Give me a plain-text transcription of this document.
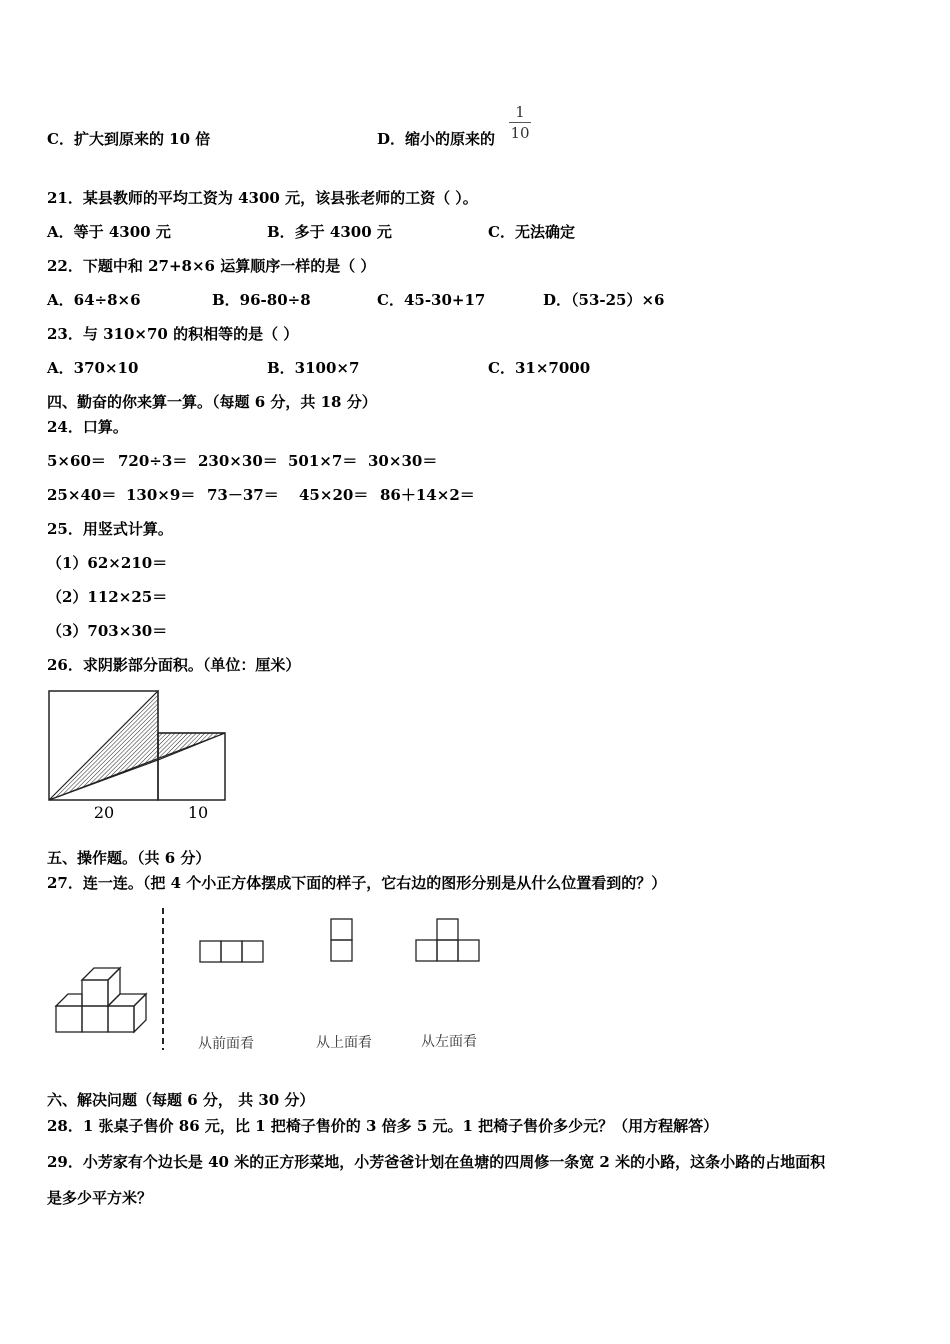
C．扩大到原来的 10 倍	D．缩小的原来的
1
10
21．某县教师的平均工资为 4300 元，该县张老师的工资（ ）。
A．等于 4300 元	B．多于 4300 元	C．无法确定
22．下题中和 27+8×6 运算顺序一样的是（ ）
A．64÷8×6	B．96-80÷8	C．45-30+17	D．（53-25）×6
23．与 310×70 的积相等的是（ ）
A．370×10	B．3100×7	C．31×7000
四、勤奋的你来算一算。（每题 6 分，共 18 分）
24．口算。
5×60＝ 720÷3＝ 230×30＝ 501×7＝ 30×30＝
25×40＝ 130×9＝ 73－37＝ 45×20＝ 86＋14×2＝
25．用竖式计算。
（1）62×210＝
（2）112×25＝
（3）703×30＝
26．求阴影部分面积。（单位：厘米）
20	10
五、操作题。（共 6 分）
27．连一连。（把 4 个小正方体摆成下面的样子，它右边的图形分别是从什么位置看到的？）
从前面看	从上面看	从左面看
六、解决问题（每题 6 分， 共 30 分）
28．1 张桌子售价 86 元，比 1 把椅子售价的 3 倍多 5 元。1 把椅子售价多少元？（用方程解答）
29．小芳家有个边长是 40 米的正方形菜地，小芳爸爸计划在鱼塘的四周修一条宽 2 米的小路，这条小路的占地面积
是多少平方米？
